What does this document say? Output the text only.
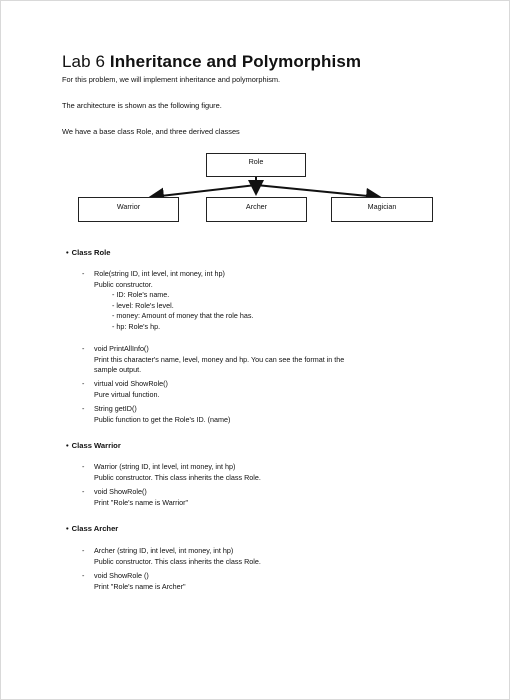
Lab 6 Inheritance and Polymorphism

For this problem, we will implement inheritance and polymorphism.

The architecture is shown as the following figure.

We have a base class Role, and three derived classes

Role
Warrior	Archer	Magician
• Class Role
- Role(string ID, int level, int money, int hp)
Public constructor.
- ID: Role's name.
- level: Role's level.
- money: Amount of money that the role has.
- hp: Role's hp.
- void PrintAllInfo()
Print this character's name, level, money and hp. You can see the format in the
sample output.
- virtual void ShowRole()
Pure virtual function.
- String getID()
Public function to get the Role's ID. (name)
• Class Warrior
- Warrior (string ID, int level, int money, int hp)
Public constructor. This class inherits the class Role.
- void ShowRole()
Print "Role's name is Warrior"
• Class Archer
- Archer (string ID, int level, int money, int hp)
Public constructor. This class inherits the class Role.
- void ShowRole ()
Print "Role's name is Archer"
